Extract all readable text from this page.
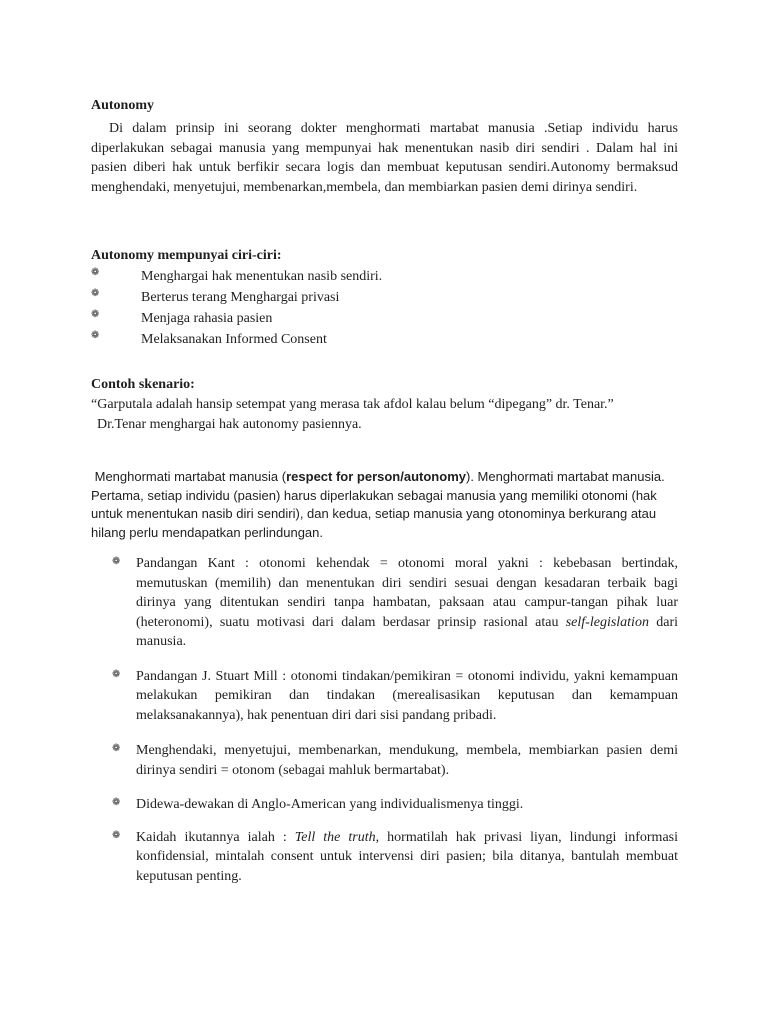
Autonomy
Di dalam prinsip ini seorang dokter menghormati martabat manusia .Setiap individu harus diperlakukan sebagai manusia yang mempunyai hak menentukan nasib diri sendiri . Dalam hal ini pasien diberi hak untuk berfikir secara logis dan membuat keputusan sendiri.Autonomy bermaksud menghendaki, menyetujui, membenarkan,membela, dan membiarkan pasien demi dirinya sendiri.
Autonomy mempunyai ciri-ciri:
❁	Menghargai hak menentukan nasib sendiri.
❁	Berterus terang Menghargai privasi
❁	Menjaga rahasia pasien
❁	Melaksanakan Informed Consent
Contoh skenario:
“Garputala adalah hansip setempat yang merasa tak afdol kalau belum “dipegang” dr. Tenar.”
Dr.Tenar menghargai hak autonomy pasiennya.
Menghormati martabat manusia (respect for person/autonomy). Menghormati martabat manusia. Pertama, setiap individu (pasien) harus diperlakukan sebagai manusia yang memiliki otonomi (hak untuk menentukan nasib diri sendiri), dan kedua, setiap manusia yang otonominya berkurang atau hilang perlu mendapatkan perlindungan.
❁ Pandangan Kant : otonomi kehendak = otonomi moral yakni : kebebasan bertindak, memutuskan (memilih) dan menentukan diri sendiri sesuai dengan kesadaran terbaik bagi dirinya yang ditentukan sendiri tanpa hambatan, paksaan atau campur-tangan pihak luar (heteronomi), suatu motivasi dari dalam berdasar prinsip rasional atau self-legislation dari manusia.
❁ Pandangan J. Stuart Mill : otonomi tindakan/pemikiran = otonomi individu, yakni kemampuan melakukan pemikiran dan tindakan (merealisasikan keputusan dan kemampuan melaksanakannya), hak penentuan diri dari sisi pandang pribadi.
❁ Menghendaki, menyetujui, membenarkan, mendukung, membela, membiarkan pasien demi dirinya sendiri = otonom (sebagai mahluk bermartabat).
❁ Didewa-dewakan di Anglo-American yang individualismenya tinggi.
❁ Kaidah ikutannya ialah : Tell the truth, hormatilah hak privasi liyan, lindungi informasi konfidensial, mintalah consent untuk intervensi diri pasien; bila ditanya, bantulah membuat keputusan penting.
